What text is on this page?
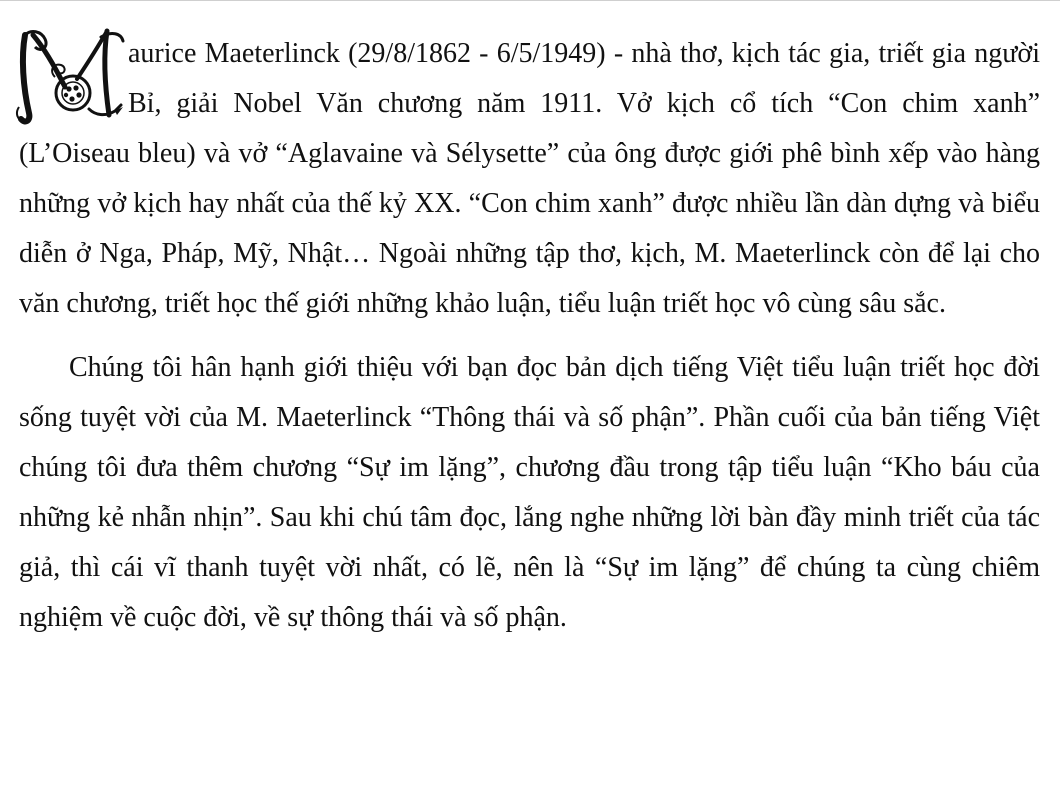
aurice Maeterlinck (29/8/1862 - 6/5/1949) - nhà thơ, kịch tác gia, triết gia người Bỉ, giải Nobel Văn chương năm 1911. Vở kịch cổ tích “Con chim xanh” (L’Oiseau bleu) và vở “Aglavaine và Sélysette” của ông được giới phê bình xếp vào hàng những vở kịch hay nhất của thế kỷ XX. “Con chim xanh” được nhiều lần dàn dựng và biểu diễn ở Nga, Pháp, Mỹ, Nhật… Ngoài những tập thơ, kịch, M. Maeterlinck còn để lại cho văn chương, triết học thế giới những khảo luận, tiểu luận triết học vô cùng sâu sắc.

Chúng tôi hân hạnh giới thiệu với bạn đọc bản dịch tiếng Việt tiểu luận triết học đời sống tuyệt vời của M. Maeterlinck “Thông thái và số phận”. Phần cuối của bản tiếng Việt chúng tôi đưa thêm chương “Sự im lặng”, chương đầu trong tập tiểu luận “Kho báu của những kẻ nhẫn nhịn”. Sau khi chú tâm đọc, lắng nghe những lời bàn đầy minh triết của tác giả, thì cái vĩ thanh tuyệt vời nhất, có lẽ, nên là “Sự im lặng” để chúng ta cùng chiêm nghiệm về cuộc đời, về sự thông thái và số phận.
